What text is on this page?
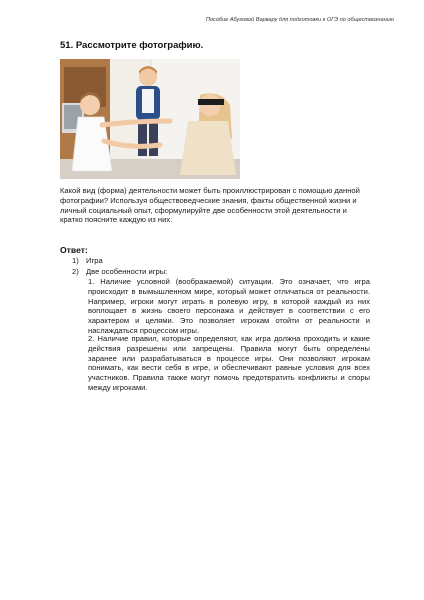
Пособие Абуговой Варвару для подготовки к ОГЭ по обществознанию
51. Рассмотрите фотографию.
Какой вид (форма) деятельности может быть проиллюстрирован с помощью данной фотографии? Используя обществоведческие знания, факты общественной жизни и личный социальный опыт, сформулируйте две особенности этой деятельности и кратко поясните каждую из них.
Ответ:
1) Игра
2) Две особенности игры:
1. Наличие условной (воображаемой) ситуации. Это означает, что игра происходит в вымышленном мире, который может отличаться от реальности. Например, игроки могут играть в ролевую игру, в которой каждый из них воплощает в жизнь своего персонажа и действует в соответствии с его характером и целями. Это позволяет игрокам отойти от реальности и наслаждаться процессом игры.
2. Наличие правил, которые определяют, как игра должна проходить и какие действия разрешены или запрещены. Правила могут быть определены заранее или разрабатываться в процессе игры. Они позволяют игрокам понимать, как вести себя в игре, и обеспечивают равные условия для всех участников. Правила также могут помочь предотвратить конфликты и споры между игроками.
